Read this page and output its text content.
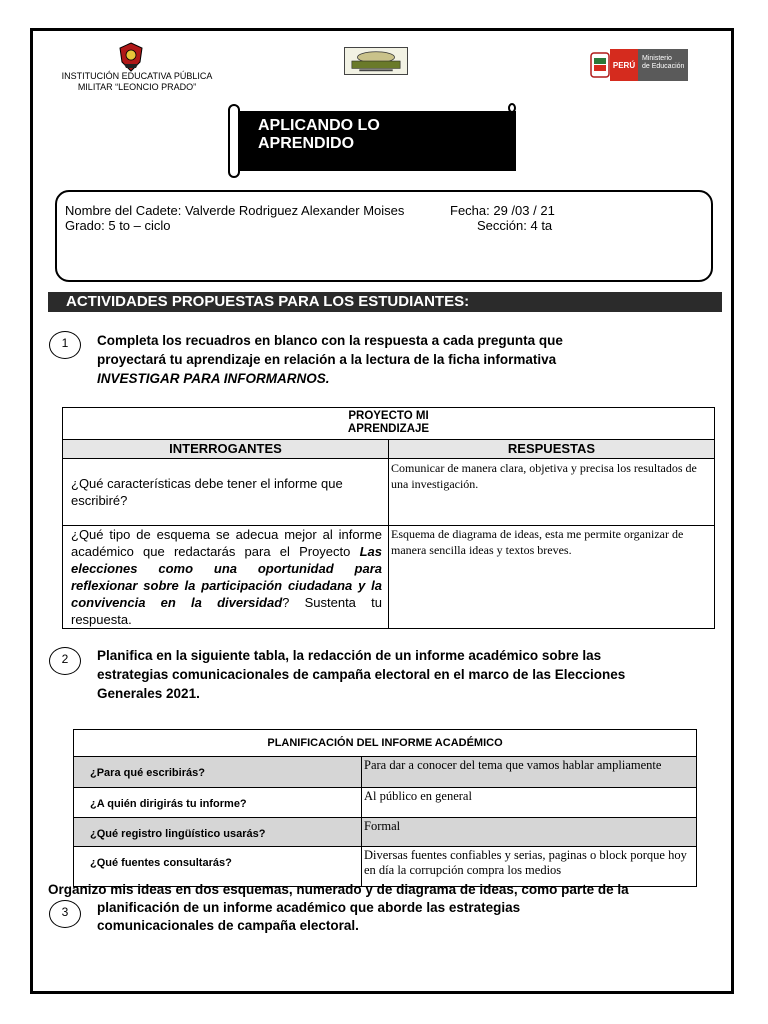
INSTITUCIÓN EDUCATIVA PÚBLICA
MILITAR “LEONCIO PRADO”
PERÚ
Ministerio
de Educación
APLICANDO LO
APRENDIDO
Nombre del Cadete: Valverde Rodriguez Alexander Moises	Fecha: 29 /03 / 21
Grado: 5 to – ciclo	Sección: 4 ta
ACTIVIDADES PROPUESTAS PARA LOS ESTUDIANTES:
1	Completa los recuadros en blanco con la respuesta a cada pregunta que
proyectará tu aprendizaje en relación a la lectura de la ficha informativa
INVESTIGAR PARA INFORMARNOS.
PROYECTO MI
APRENDIZAJE	

INTERROGANTES	RESPUESTAS
¿Qué características debe tener el informe que escribiré?	Comunicar de manera clara, objetiva y precisa los resultados de una investigación.
¿Qué tipo de esquema se adecua mejor al informe académico que redactarás para el Proyecto Las elecciones como una oportunidad para reflexionar sobre la participación ciudadana y la convivencia en la diversidad? Sustenta tu respuesta.	Esquema de diagrama de ideas, esta me permite organizar de manera sencilla ideas y textos breves.
2	Planifica en la siguiente tabla, la redacción de un informe académico sobre las
estrategias comunicacionales de campaña electoral en el marco de las Elecciones
Generales 2021.
PLANIFICACIÓN DEL INFORME ACADÉMICO	
¿Para qué escribirás?	Para dar a conocer del tema que vamos hablar ampliamente
¿A quién dirigirás tu informe?	Al público en general
¿Qué registro lingüístico usarás?	Formal
¿Qué fuentes consultarás?	Diversas fuentes confiables y serias, paginas o block porque hoy en día la corrupción compra los medios
Organizo mis ideas en dos esquemas, numerado y de diagrama de ideas, como parte de la
3	planificación de un informe académico que aborde las estrategias
comunicacionales de campaña electoral.
